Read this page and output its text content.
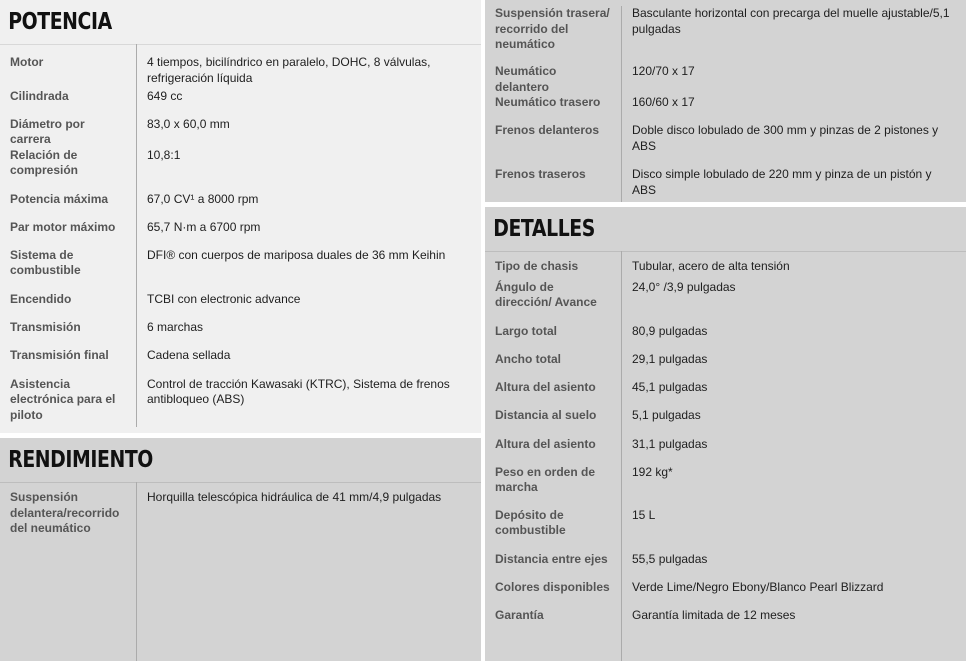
POTENCIA
Motor	4 tiempos, bicilíndrico en paralelo, DOHC, 8 válvulas, refrigeración líquida
Cilindrada	649 cc
Diámetro por carrera	83,0 x 60,0 mm
Relación de compresión	10,8:1
Potencia máxima	67,0 CV¹ a 8000 rpm
Par motor máximo	65,7 N·m a 6700 rpm
Sistema de combustible	DFI® con cuerpos de mariposa duales de 36 mm Keihin
Encendido	TCBI con electronic advance
Transmisión	6 marchas
Transmisión final	Cadena sellada
Asistencia electrónica para el piloto	Control de tracción Kawasaki (KTRC), Sistema de frenos antibloqueo (ABS)
RENDIMIENTO
Suspensión delantera/recorrido del neumático	Horquilla telescópica hidráulica de 41 mm/4,9 pulgadas
Suspensión trasera/ recorrido del neumático	Basculante horizontal con precarga del muelle ajustable/5,1 pulgadas
Neumático delantero	120/70 x 17
Neumático trasero	160/60 x 17
Frenos delanteros	Doble disco lobulado de 300 mm y pinzas de 2 pistones y ABS
Frenos traseros	Disco simple lobulado de 220 mm y pinza de un pistón y ABS
DETALLES
Tipo de chasis	Tubular, acero de alta tensión
Ángulo de dirección/ Avance	24,0° /3,9 pulgadas
Largo total	80,9 pulgadas
Ancho total	29,1 pulgadas
Altura del asiento	45,1 pulgadas
Distancia al suelo	5,1 pulgadas
Altura del asiento	31,1 pulgadas
Peso en orden de marcha	192 kg*
Depósito de combustible	15 L
Distancia entre ejes	55,5 pulgadas
Colores disponibles	Verde Lime/Negro Ebony/Blanco Pearl Blizzard
Garantía	Garantía limitada de 12 meses
